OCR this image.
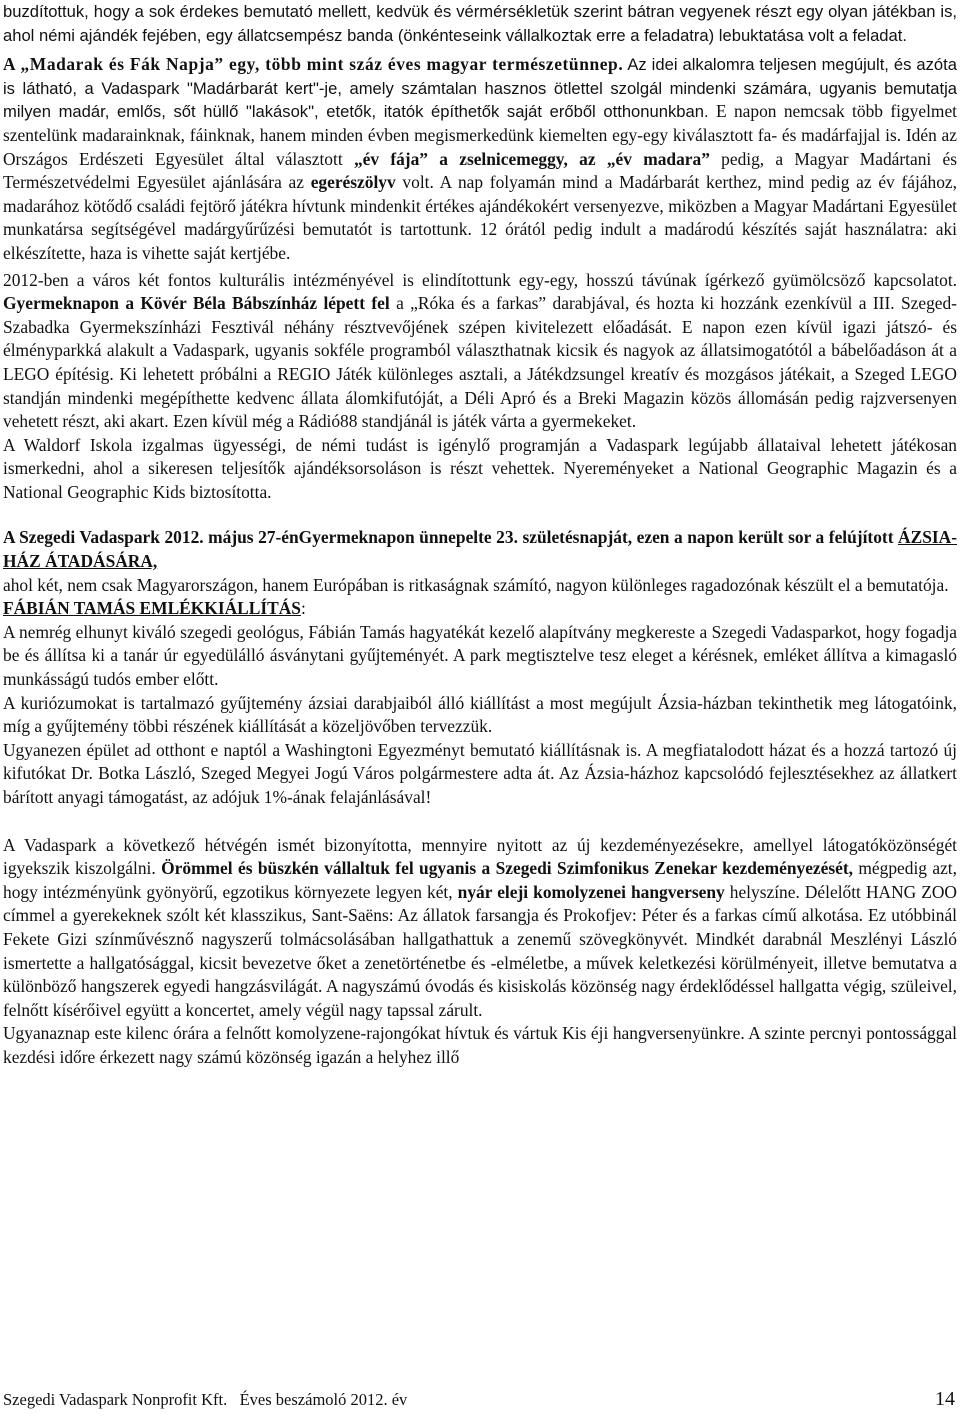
buzdítottuk, hogy a sok érdekes bemutató mellett, kedvük és vérmérsékletük szerint bátran vegyenek részt egy olyan játékban is, ahol némi ajándék fejében, egy állatcsempész banda (önkénteseink vállalkoztak erre a feladatra) lebuktatása volt a feladat.

A „Madarak és Fák Napja” egy, több mint száz éves magyar természetünnep. Az idei alkalomra teljesen megújult, és azóta is látható, a Vadaspark "Madárbarát kert"-je, amely számtalan hasznos ötlettel szolgál mindenki számára, ugyanis bemutatja milyen madár, emlős, sőt hüllő "lakások", etetők, itatók építhetők saját erőből otthonunkban. E napon nemcsak több figyelmet szentelünk madarainknak, fáinknak, hanem minden évben megismerkedünk kiemelten egy-egy kiválasztott fa- és madárfajjal is. Idén az Országos Erdészeti Egyesület által választott „év fája” a zselnicemeggy, az „év madara” pedig, a Magyar Madártani és Természetvédelmi Egyesület ajánlására az egerészölyv volt. A nap folyamán mind a Madárbarát kerthez, mind pedig az év fájához, madarához kötődő családi fejtörő játékra hívtunk mindenkit értékes ajándékokért versenyezve, miközben a Magyar Madártani Egyesület munkatársa segítségével madárgyűrűzési bemutatót is tartottunk. 12 órától pedig indult a madárodú készítés saját használatra: aki elkészítette, haza is vihette saját kertjébe.

2012-ben a város két fontos kulturális intézményével is elindítottunk egy-egy, hosszú távúnak ígérkező gyümölcsöző kapcsolatot. Gyermeknapon a Kövér Béla Bábszínház lépett fel a „Róka és a farkas” darabjával, és hozta ki hozzánk ezenkívül a III. Szeged-Szabadka Gyermekszínházi Fesztivál néhány résztvevőjének szépen kivitelezett előadását. E napon ezen kívül igazi játszó- és élményparkká alakult a Vadaspark, ugyanis sokféle programból választhatnak kicsik és nagyok az állatsimogatótól a bábelőadáson át a LEGO építésig. Ki lehetett próbálni a REGIO Játék különleges asztali, a Játékdzsungel kreatív és mozgásos játékait, a Szeged LEGO standján mindenki megépíthette kedvenc állata álomkifutóját, a Déli Apró és a Breki Magazin közös állomásán pedig rajzversenyen vehetett részt, aki akart. Ezen kívül még a Rádió88 standjánál is játék várta a gyermekeket.

A Waldorf Iskola izgalmas ügyességi, de némi tudást is igénylő programján a Vadaspark legújabb állataival lehetett játékosan ismerkedni, ahol a sikeresen teljesítők ajándéksorsoláson is részt vehettek. Nyereményeket a National Geographic Magazin és a National Geographic Kids biztosította.

A Szegedi Vadaspark 2012. május 27-énGyermeknapon ünnepelte 23. születésnapját, ezen a napon került sor a felújított ÁZSIA-HÁZ ÁTADÁSÁRA,

ahol két, nem csak Magyarországon, hanem Európában is ritkaságnak számító, nagyon különleges ragadozónak készült el a bemutatója.

FÁBIÁN TAMÁS EMLÉKKIÁLLÍTÁS:

A nemrég elhunyt kiváló szegedi geológus, Fábián Tamás hagyatékát kezelő alapítvány megkereste a Szegedi Vadasparkot, hogy fogadja be és állítsa ki a tanár úr egyedülálló ásványtani gyűjteményét. A park megtisztelve tesz eleget a kérésnek, emléket állítva a kimagasló munkásságú tudós ember előtt.

A kuriózumokat is tartalmazó gyűjtemény ázsiai darabjaiból álló kiállítást a most megújult Ázsia-házban tekinthetik meg látogatóink, míg a gyűjtemény többi részének kiállítását a közeljövőben tervezzük.

Ugyanezen épület ad otthont e naptól a Washingtoni Egyezményt bemutató kiállításnak is. A megfiatalodott házat és a hozzá tartozó új kifutókat Dr. Botka László, Szeged Megyei Jogú Város polgármestere adta át. Az Ázsia-házhoz kapcsolódó fejlesztésekhez az állatkert bárított anyagi támogatást, az adójuk 1%-ának felajánlásával!

A Vadaspark a következő hétvégén ismét bizonyította, mennyire nyitott az új kezdeményezésekre, amellyel látogatóközönségét igyekszik kiszolgálni. Örömmel és büszkén vállaltuk fel ugyanis a Szegedi Szimfonikus Zenekar kezdeményezését, mégpedig azt, hogy intézményünk gyönyörű, egzotikus környezete legyen két, nyár eleji komolyzenei hangverseny helyszíne. Délelőtt HANG ZOO címmel a gyerekeknek szólt két klasszikus, Sant-Saëns: Az állatok farsangja és Prokofjev: Péter és a farkas című alkotása. Ez utóbbinál Fekete Gizi színművésznő nagyszerű tolmácsolásában hallgathattuk a zenemű szövegkönyvét. Mindkét darabnál Meszlényi László ismertette a hallgatósággal, kicsit bevezetve őket a zenetörténetbe és -elméletbe, a művek keletkezési körülményeit, illetve bemutatva a különböző hangszerek egyedi hangzásvilágát. A nagyszámú óvodás és kisiskolás közönség nagy érdeklődéssel hallgatta végig, szüleivel, felnőtt kísérőivel együtt a koncertet, amely végül nagy tapssal zárult.

Ugyanaznap este kilenc órára a felnőtt komolyzene-rajongókat hívtuk és vártuk Kis éji hangversenyünkre. A szinte percnyi pontossággal kezdési időre érkezett nagy számú közönség igazán a helyhez illő

Szegedi Vadaspark Nonprofit Kft.   Éves beszámoló 2012. év	14
